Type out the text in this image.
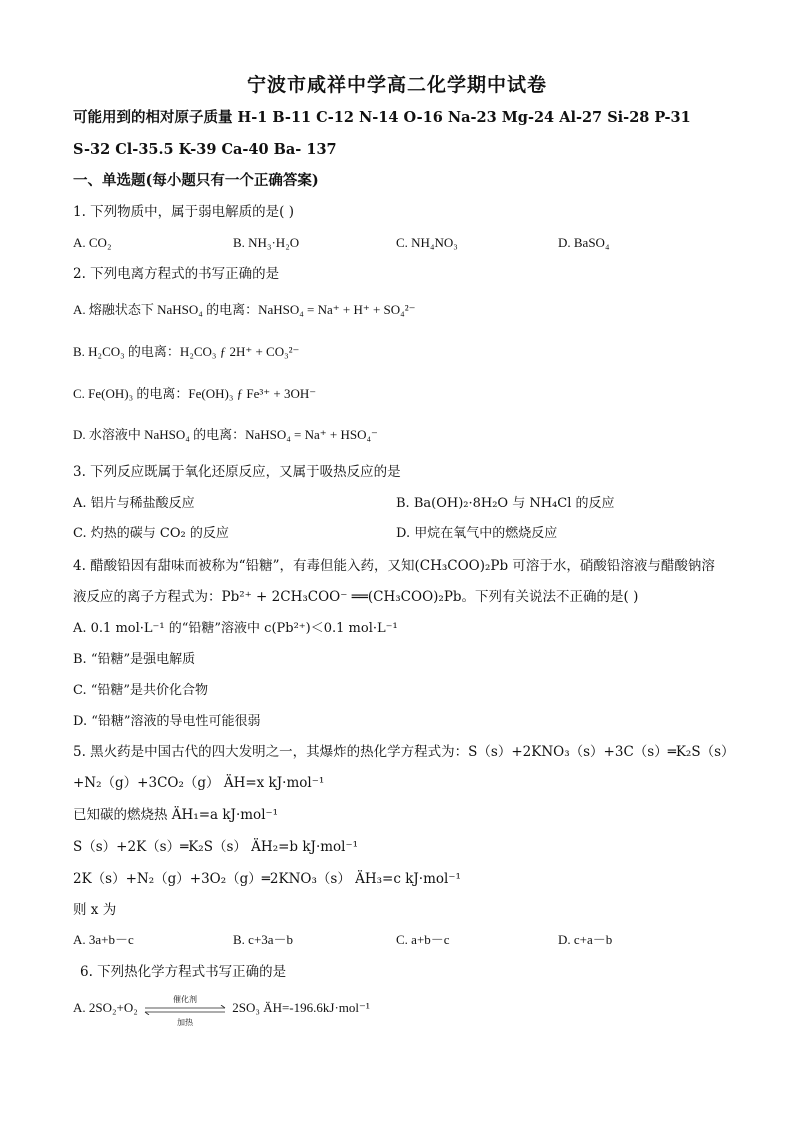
宁波市咸祥中学高二化学期中试卷
可能用到的相对原子质量 H-1 B-11 C-12 N-14 O-16 Na-23 Mg-24 Al-27 Si-28 P-31
S-32 Cl-35.5 K-39 Ca-40 Ba- 137
一、单选题(每小题只有一个正确答案)
1. 下列物质中，属于弱电解质的是( )
A. CO₂	B. NH₃·H₂O	C. NH₄NO₃	D. BaSO₄
2. 下列电离方程式的书写正确的是
A. 熔融状态下 NaHSO₄ 的电离：NaHSO₄ = Na⁺ + H⁺ + SO₄²⁻
B. H₂CO₃ 的电离：H₂CO₃ ƒ 2H⁺ + CO₃²⁻
C. Fe(OH)₃ 的电离：Fe(OH)₃ ƒ Fe³⁺ + 3OH⁻
D. 水溶液中 NaHSO₄ 的电离：NaHSO₄ = Na⁺ + HSO₄⁻
3. 下列反应既属于氧化还原反应，又属于吸热反应的是
A. 铝片与稀盐酸反应	B. Ba(OH)₂·8H₂O 与 NH₄Cl 的反应
C. 灼热的碳与 CO₂ 的反应	D. 甲烷在氧气中的燃烧反应
4. 醋酸铅因有甜味而被称为“铅糖”，有毒但能入药，又知(CH₃COO)₂Pb 可溶于水，硝酸铅溶液与醋酸钠溶
液反应的离子方程式为：Pb²⁺ + 2CH₃COO⁻ ══(CH₃COO)₂Pb。下列有关说法不正确的是( )
A. 0.1 mol·L⁻¹ 的“铅糖”溶液中 c(Pb²⁺)＜0.1 mol·L⁻¹
B. “铅糖”是强电解质
C. “铅糖”是共价化合物
D. “铅糖”溶液的导电性可能很弱
5. 黑火药是中国古代的四大发明之一，其爆炸的热化学方程式为：S（s）+2KNO₃（s）+3C（s）═K₂S（s）
+N₂（g）+3CO₂（g） ÄH=x kJ·mol⁻¹
已知碳的燃烧热 ÄH₁=a kJ·mol⁻¹
S（s）+2K（s）═K₂S（s） ÄH₂=b kJ·mol⁻¹
2K（s）+N₂（g）+3O₂（g）═2KNO₃（s） ÄH₃=c kJ·mol⁻¹
则 x 为
A. 3a+b－c	B. c+3a－b	C. a+b－c	D. c+a－b
6. 下列热化学方程式书写正确的是
A. 2SO₂+O₂
催化剂
加热
2SO₃ ÄH=-196.6kJ·mol⁻¹
